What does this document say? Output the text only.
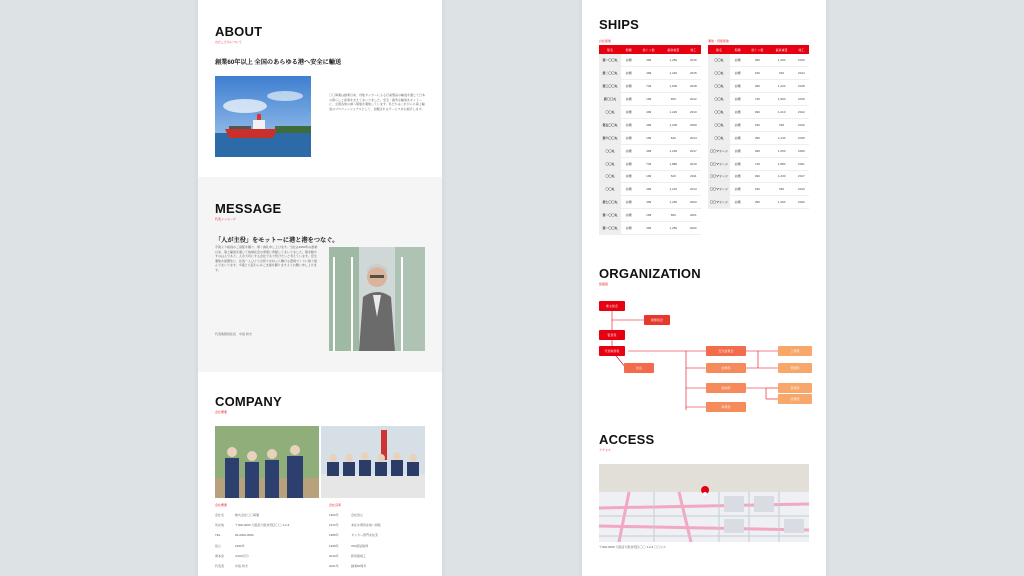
ABOUT
わたしたちについて
創業60年以上 全国のあらゆる港へ安全に輸送
〇〇海運は創業以来、内航タンカーによる石油製品の輸送を通じて日本の暮らしと産業を支えてまいりました。安全・確実な輸送をモットーに、全国各地の港へ船舶を運航しています。私たちはこれからも海上輸送のプロフェッショナルとして、信頼されるサービスをお届けします。
MESSAGE
代表メッセージ
「人が主役」をモットーに港と港をつなぐ。
平素より格別のご高配を賜り、厚く御礼申し上げます。当社は1960年の創業以来、海上輸送を通じて地域社会の発展に貢献してまいりました。船を動かすのは人であり、人を大切にする会社であり続けたいと考えています。安全運航を最優先に、社員一人ひとりが誇りを持って働ける環境づくりに取り組んでまいります。今後とも変わらぬご支援を賜りますようお願い申し上げます。
代表取締役社長　中島 和夫
COMPANY
会社概要
会社概要	会社沿革
会社名	株式会社〇〇海運
所在地	〒000-0000 大阪府大阪市西区〇〇 1-2-3
TEL	06-0000-0000
設立	1960年
資本金	3,000万円
代表者	中島 和夫
1960年	会社設立
1972年	本社を現所在地へ移転
1985年	タンカー部門を拡充
1999年	ISO認証取得
2010年	新造船竣工
2021年	創業60周年
SHIPS
自社船舶	運航・用船船舶
船名	船種	総トン数	載貨重量	竣工
第一〇〇丸	油槽	499	1,250	2016
第二〇〇丸	油槽	499	1,240	2015
第三〇〇丸	油槽	749	1,900	2018
新〇〇丸	油槽	199	650	2012
〇〇丸	油槽	499	1,220	2010
第五〇〇丸	油槽	499	1,200	2009
第六〇〇丸	油槽	199	640	2014
〇〇丸	油槽	499	1,230	2017
〇〇丸	油槽	749	1,880	2019
〇〇丸	油槽	199	620	2011
〇〇丸	油槽	499	1,210	2013
第七〇〇丸	油槽	499	1,260	2020
第一〇〇丸	油槽	199	660	2021
第一〇〇丸	油槽	499	1,250	2022
船名	船種	総トン数	載貨重量	竣工
〇〇丸	油槽	499	1,200	2016
〇〇丸	油槽	199	640	2014
〇〇丸	油槽	499	1,220	2018
〇〇丸	油槽	749	1,900	2019
〇〇丸	油槽	499	1,210	2012
〇〇丸	油槽	199	630	2010
〇〇丸	油槽	499	1,240	2015
〇〇マリーン	油槽	499	1,250	2020
〇〇マリーン	油槽	749	1,880	2021
〇〇マリーン	油槽	499	1,230	2017
〇〇マリーン	油槽	199	650	2013
〇〇マリーン	油槽	499	1,260	2022
ORGANIZATION
組織図
株主総会
取締役会
監査役
代表取締役
社長
安全委員会
総務部
船舶部
海務部
工務部
管理部
営業部
経理部
ACCESS
アクセス
〒000-0000 大阪府大阪市西区〇〇 1-2-3 〇〇ビル
